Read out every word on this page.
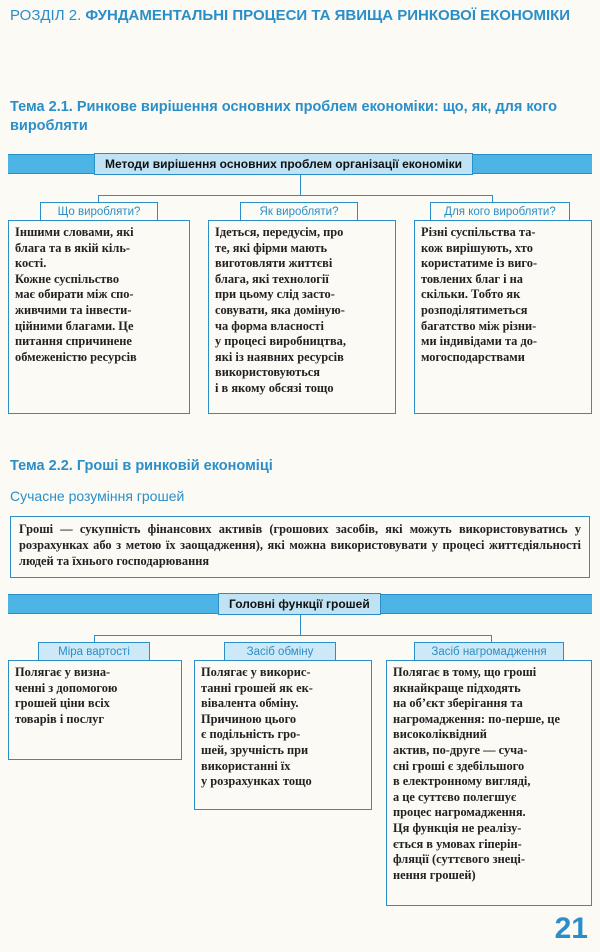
РОЗДІЛ 2. ФУНДАМЕНТАЛЬНІ ПРОЦЕСИ ТА ЯВИЩА РИНКОВОЇ ЕКОНОМІКИ
Тема 2.1. Ринкове вирішення основних проблем економіки: що, як, для кого виробляти
Методи вирішення основних проблем організації економіки
Що виробляти?	Як виробляти?	Для кого виробляти?
Іншими словами, які
блага та в якій кіль-
кості.
Кожне суспільство
має обирати між спо-
живчими та інвести-
ційними благами. Це
питання спричинене
обмеженістю ресурсів
Ідеться, передусім, про
те, які фірми мають
виготовляти життєві
блага, які технології
при цьому слід засто-
совувати, яка доміную-
ча форма власності
у процесі виробництва,
які із наявних ресурсів
використовуються
і в якому обсязі тощо
Різні суспільства та-
кож вирішують, хто
користатиме із виго-
товлених благ і на
скільки. Тобто як
розподілятиметься
багатство між різни-
ми індивідами та до-
могосподарствами
Тема 2.2. Гроші в ринковій економіці
Сучасне розуміння грошей
Гроші — сукупність фінансових активів (грошових засобів, які можуть використовуватись у розрахунках або з метою їх заощадження), які можна використовувати у процесі життєдіяльності людей та їхнього господарювання
Головні функції грошей
Міра вартості	Засіб обміну	Засіб нагромадження
Полягає у визна-
ченні з допомогою
грошей ціни всіх
товарів і послуг
Полягає у викорис-
танні грошей як ек-
вівалента обміну.
Причиною цього
є подільність гро-
шей, зручність при
використанні їх
у розрахунках тощо
Полягає в тому, що гроші
якнайкраще підходять
на об’єкт зберігання та
нагромадження: по-перше, це високоліквідний
актив, по-друге — суча-
сні гроші є здебільшого
в електронному вигляді,
а це суттєво полегшує
процес нагромадження.
Ця функція не реалізу-
ється в умовах гіперін-
фляції (суттєвого знеці-
нення грошей)
21
